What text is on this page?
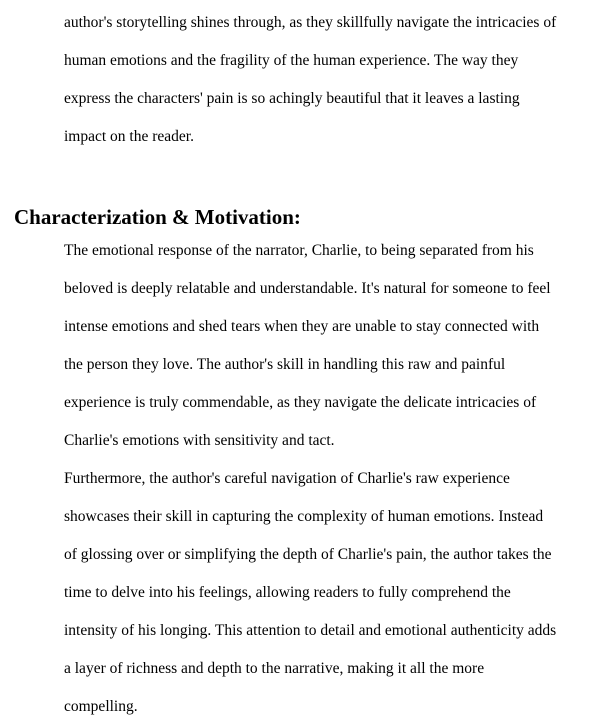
author's storytelling shines through, as they skillfully navigate the intricacies of
human emotions and the fragility of the human experience. The way they
express the characters' pain is so achingly beautiful that it leaves a lasting
impact on the reader.

Characterization & Motivation:

The emotional response of the narrator, Charlie, to being separated from his
beloved is deeply relatable and understandable. It's natural for someone to feel
intense emotions and shed tears when they are unable to stay connected with
the person they love. The author's skill in handling this raw and painful
experience is truly commendable, as they navigate the delicate intricacies of
Charlie's emotions with sensitivity and tact.

Furthermore, the author's careful navigation of Charlie's raw experience
showcases their skill in capturing the complexity of human emotions. Instead
of glossing over or simplifying the depth of Charlie's pain, the author takes the
time to delve into his feelings, allowing readers to fully comprehend the
intensity of his longing. This attention to detail and emotional authenticity adds
a layer of richness and depth to the narrative, making it all the more
compelling.
